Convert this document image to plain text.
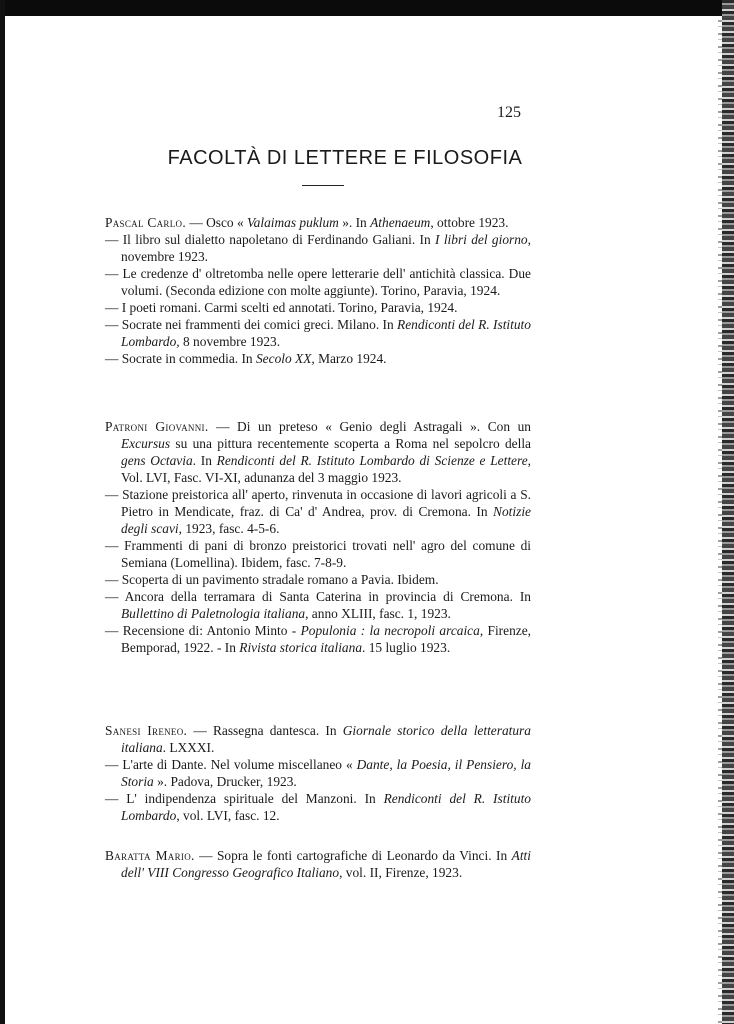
125
FACOLTÀ DI LETTERE E FILOSOFIA

Pascal Carlo. — Osco « Valaimas puklum ». In Athenaeum, ottobre 1923.

— Il libro sul dialetto napoletano di Ferdinando Galiani. In I libri del giorno, novembre 1923.

— Le credenze d' oltretomba nelle opere letterarie dell' antichità classica. Due volumi. (Seconda edizione con molte aggiunte). Torino, Paravia, 1924.

— I poeti romani. Carmi scelti ed annotati. Torino, Paravia, 1924.

— Socrate nei frammenti dei comici greci. Milano. In Rendiconti del R. Istituto Lombardo, 8 novembre 1923.

— Socrate in commedia. In Secolo XX, Marzo 1924.

Patroni Giovanni. — Di un preteso « Genio degli Astragali ». Con un Excursus su una pittura recentemente scoperta a Roma nel sepolcro della gens Octavia. In Rendiconti del R. Istituto Lombardo di Scienze e Lettere, Vol. LVI, Fasc. VI-XI, adunanza del 3 maggio 1923.

— Stazione preistorica all' aperto, rinvenuta in occasione di lavori agricoli a S. Pietro in Mendicate, fraz. di Ca' d' Andrea, prov. di Cremona. In Notizie degli scavi, 1923, fasc. 4-5-6.

— Frammenti di pani di bronzo preistorici trovati nell' agro del comune di Semiana (Lomellina). Ibidem, fasc. 7-8-9.

— Scoperta di un pavimento stradale romano a Pavia. Ibidem.

— Ancora della terramara di Santa Caterina in provincia di Cremona. In Bullettino di Paletnologia italiana, anno XLIII, fasc. 1, 1923.

— Recensione di: Antonio Minto - Populonia : la necropoli arcaica, Firenze, Bemporad, 1922. - In Rivista storica italiana. 15 luglio 1923.

Sanesi Ireneo. — Rassegna dantesca. In Giornale storico della letteratura italiana. LXXXI.

— L'arte di Dante. Nel volume miscellaneo « Dante, la Poesia, il Pensiero, la Storia ». Padova, Drucker, 1923.

— L' indipendenza spirituale del Manzoni. In Rendiconti del R. Istituto Lombardo, vol. LVI, fasc. 12.

Baratta Mario. — Sopra le fonti cartografiche di Leonardo da Vinci. In Atti dell' VIII Congresso Geografico Italiano, vol. II, Firenze, 1923.
